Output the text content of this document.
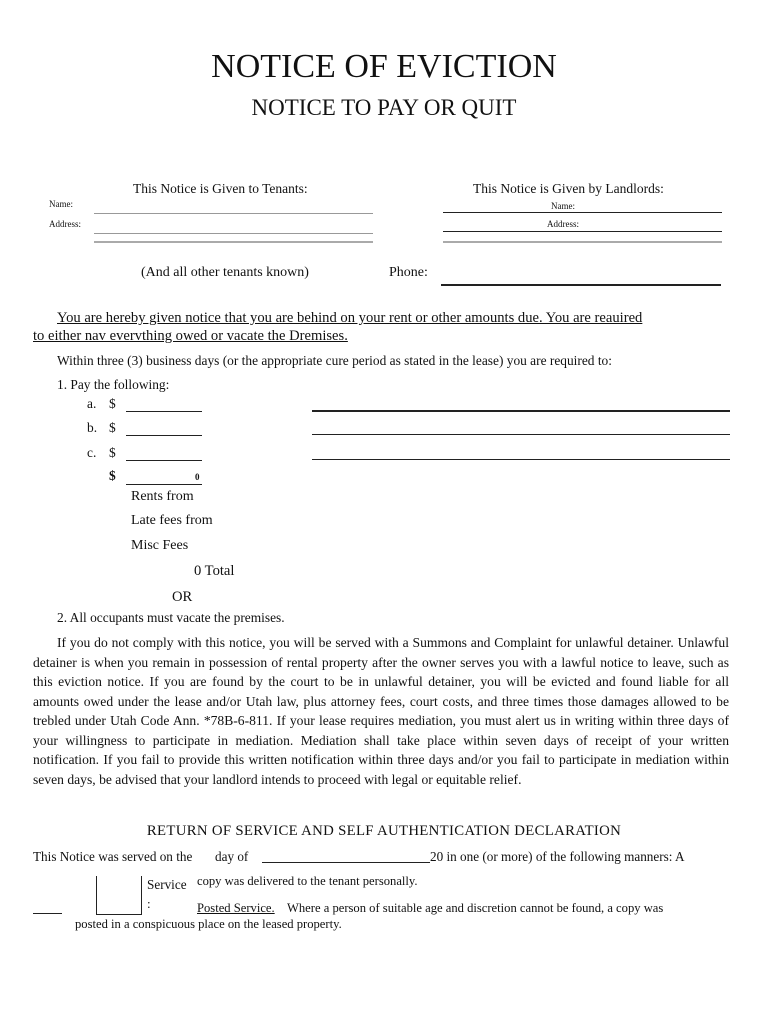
NOTICE OF EVICTION
NOTICE TO PAY OR QUIT
This Notice is Given to Tenants:
Name:
Address:
(And all other tenants known)
This Notice is Given by Landlords:
Name:
Address:
Phone:
You are hereby given notice that you are behind on your rent or other amounts due. You are reauired
to either nav evervthing owed or vacate the Dremises.
Within three (3) business days (or the appropriate cure period as stated in the lease) you are required to:
1. Pay the following:
a. $
b. $
c. $
$	0
Rents from
Late fees from
Misc Fees
0 Total
OR
2. All occupants must vacate the premises.
If you do not comply with this notice, you will be served with a Summons and Complaint for unlawful detainer. Unlawful detainer is when you remain in possession of rental property after the owner serves you with a lawful notice to leave, such as this eviction notice. If you are found by the court to be in unlawful detainer, you will be evicted and found liable for all amounts owed under the lease and/or Utah law, plus attorney fees, court costs, and three times those damages allowed to be trebled under Utah Code Ann. *78B-6-811. If your lease requires mediation, you must alert us in writing within three days of your willingness to participate in mediation. Mediation shall take place within seven days of receipt of your written notification. If you fail to provide this written notification within three days and/or you fail to participate in mediation within seven days, be advised that your landlord intends to proceed with legal or equitable relief.
RETURN OF SERVICE AND SELF AUTHENTICATION DECLARATION
This Notice was served on the day of	20 in one (or more) of the following manners: A
Service copy was delivered to the tenant personally.
:	Posted Service. Where a person of suitable age and discretion cannot be found, a copy was
posted in a conspicuous place on the leased property.
